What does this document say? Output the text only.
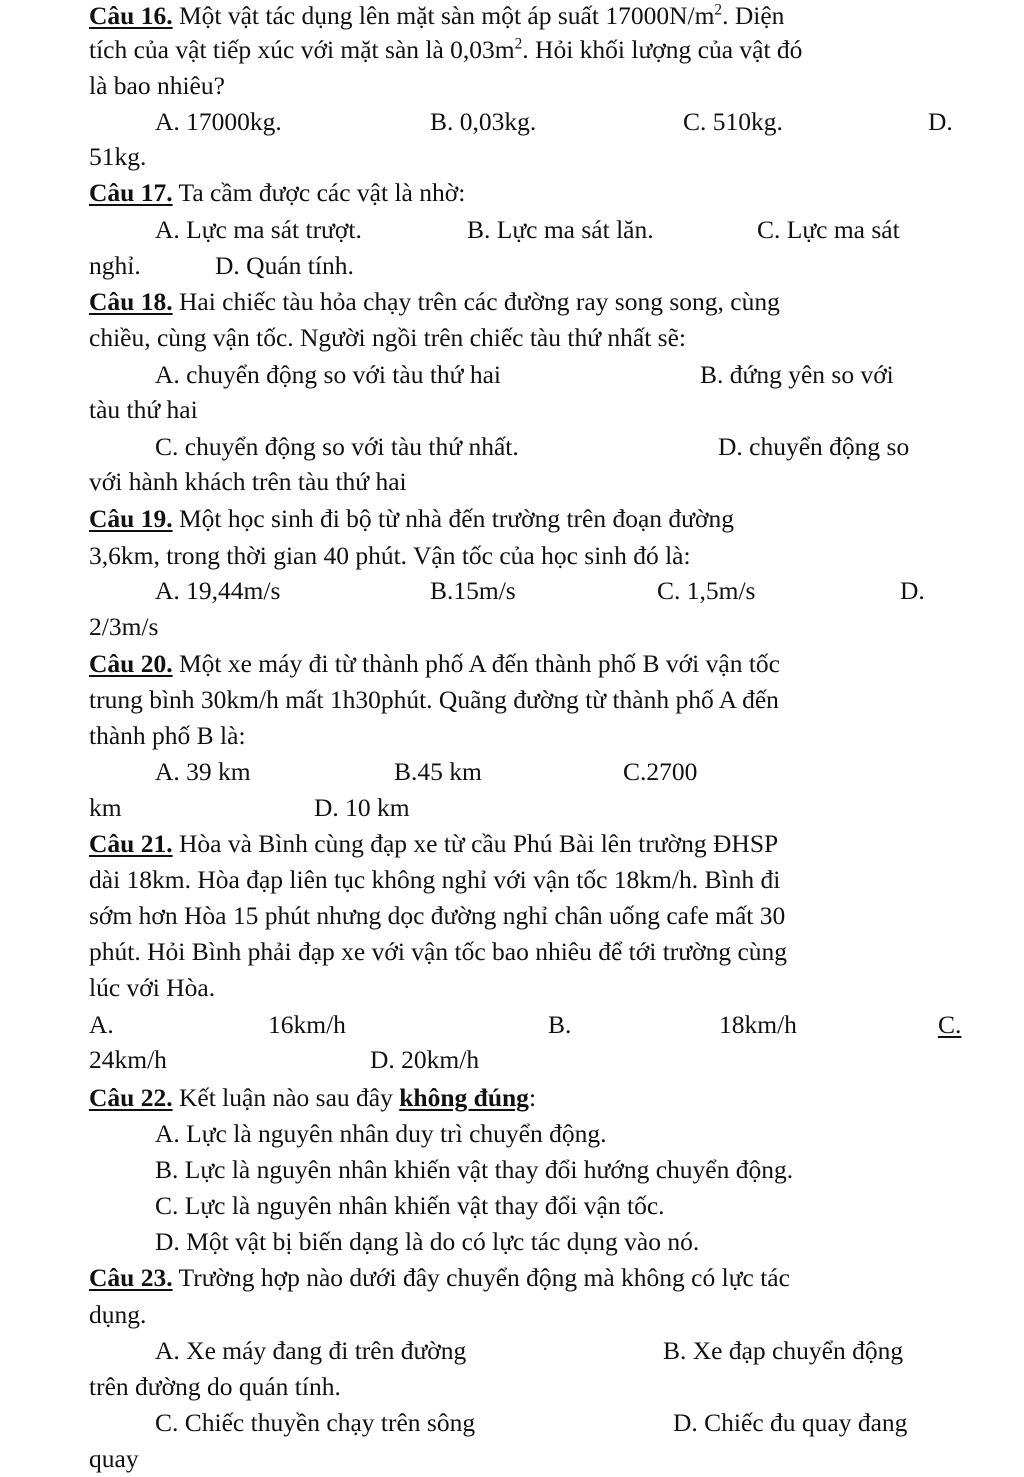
Câu 16. Một vật tác dụng lên mặt sàn một áp suất $17000N/m^2$. Diện
tích của vật tiếp xúc với mặt sàn là $0,03m^2$. Hỏi khối lượng của vật đó
là bao nhiêu?
A. 17000kg.	B. 0,03kg.	C. 510kg.	D.
51kg.
Câu 17. Ta cầm được các vật là nhờ:
A. Lực ma sát trượt.	B. Lực ma sát lăn.	C. Lực ma sát
nghỉ.	D. Quán tính.
Câu 18. Hai chiếc tàu hỏa chạy trên các đường ray song song, cùng
chiều, cùng vận tốc. Người ngồi trên chiếc tàu thứ nhất sẽ:
A. chuyển động so với tàu thứ hai	B. đứng yên so với
tàu thứ hai
C. chuyển động so với tàu thứ nhất.	D. chuyển động so
với hành khách trên tàu thứ hai
Câu 19. Một học sinh đi bộ từ nhà đến trường trên đoạn đường
3,6km, trong thời gian 40 phút. Vận tốc của học sinh đó là:
A. 19,44m/s	B.15m/s	C. 1,5m/s	D.
2/3m/s
Câu 20. Một xe máy đi từ thành phố A đến thành phố B với vận tốc
trung bình 30km/h mất 1h30phút. Quãng đường từ thành phố A đến
thành phố B là:
A. 39 km	B.45 km	C.2700
km	D. 10 km
Câu 21. Hòa và Bình cùng đạp xe từ cầu Phú Bài lên trường ĐHSP
dài 18km. Hòa đạp liên tục không nghỉ với vận tốc 18km/h. Bình đi
sớm hơn Hòa 15 phút nhưng dọc đường nghỉ chân uống cafe mất 30
phút. Hỏi Bình phải đạp xe với vận tốc bao nhiêu để tới trường cùng
lúc với Hòa.
A.	16km/h	B.	18km/h	C.
24km/h	D. 20km/h
Câu 22. Kết luận nào sau đây không đúng:
A. Lực là nguyên nhân duy trì chuyển động.
B. Lực là nguyên nhân khiến vật thay đổi hướng chuyển động.
C. Lực là nguyên nhân khiến vật thay đổi vận tốc.
D. Một vật bị biến dạng là do có lực tác dụng vào nó.
Câu 23. Trường hợp nào dưới đây chuyển động mà không có lực tác
dụng.
A. Xe máy đang đi trên đường	B. Xe đạp chuyển động
trên đường do quán tính.
C. Chiếc thuyền chạy trên sông	D. Chiếc đu quay đang
quay
